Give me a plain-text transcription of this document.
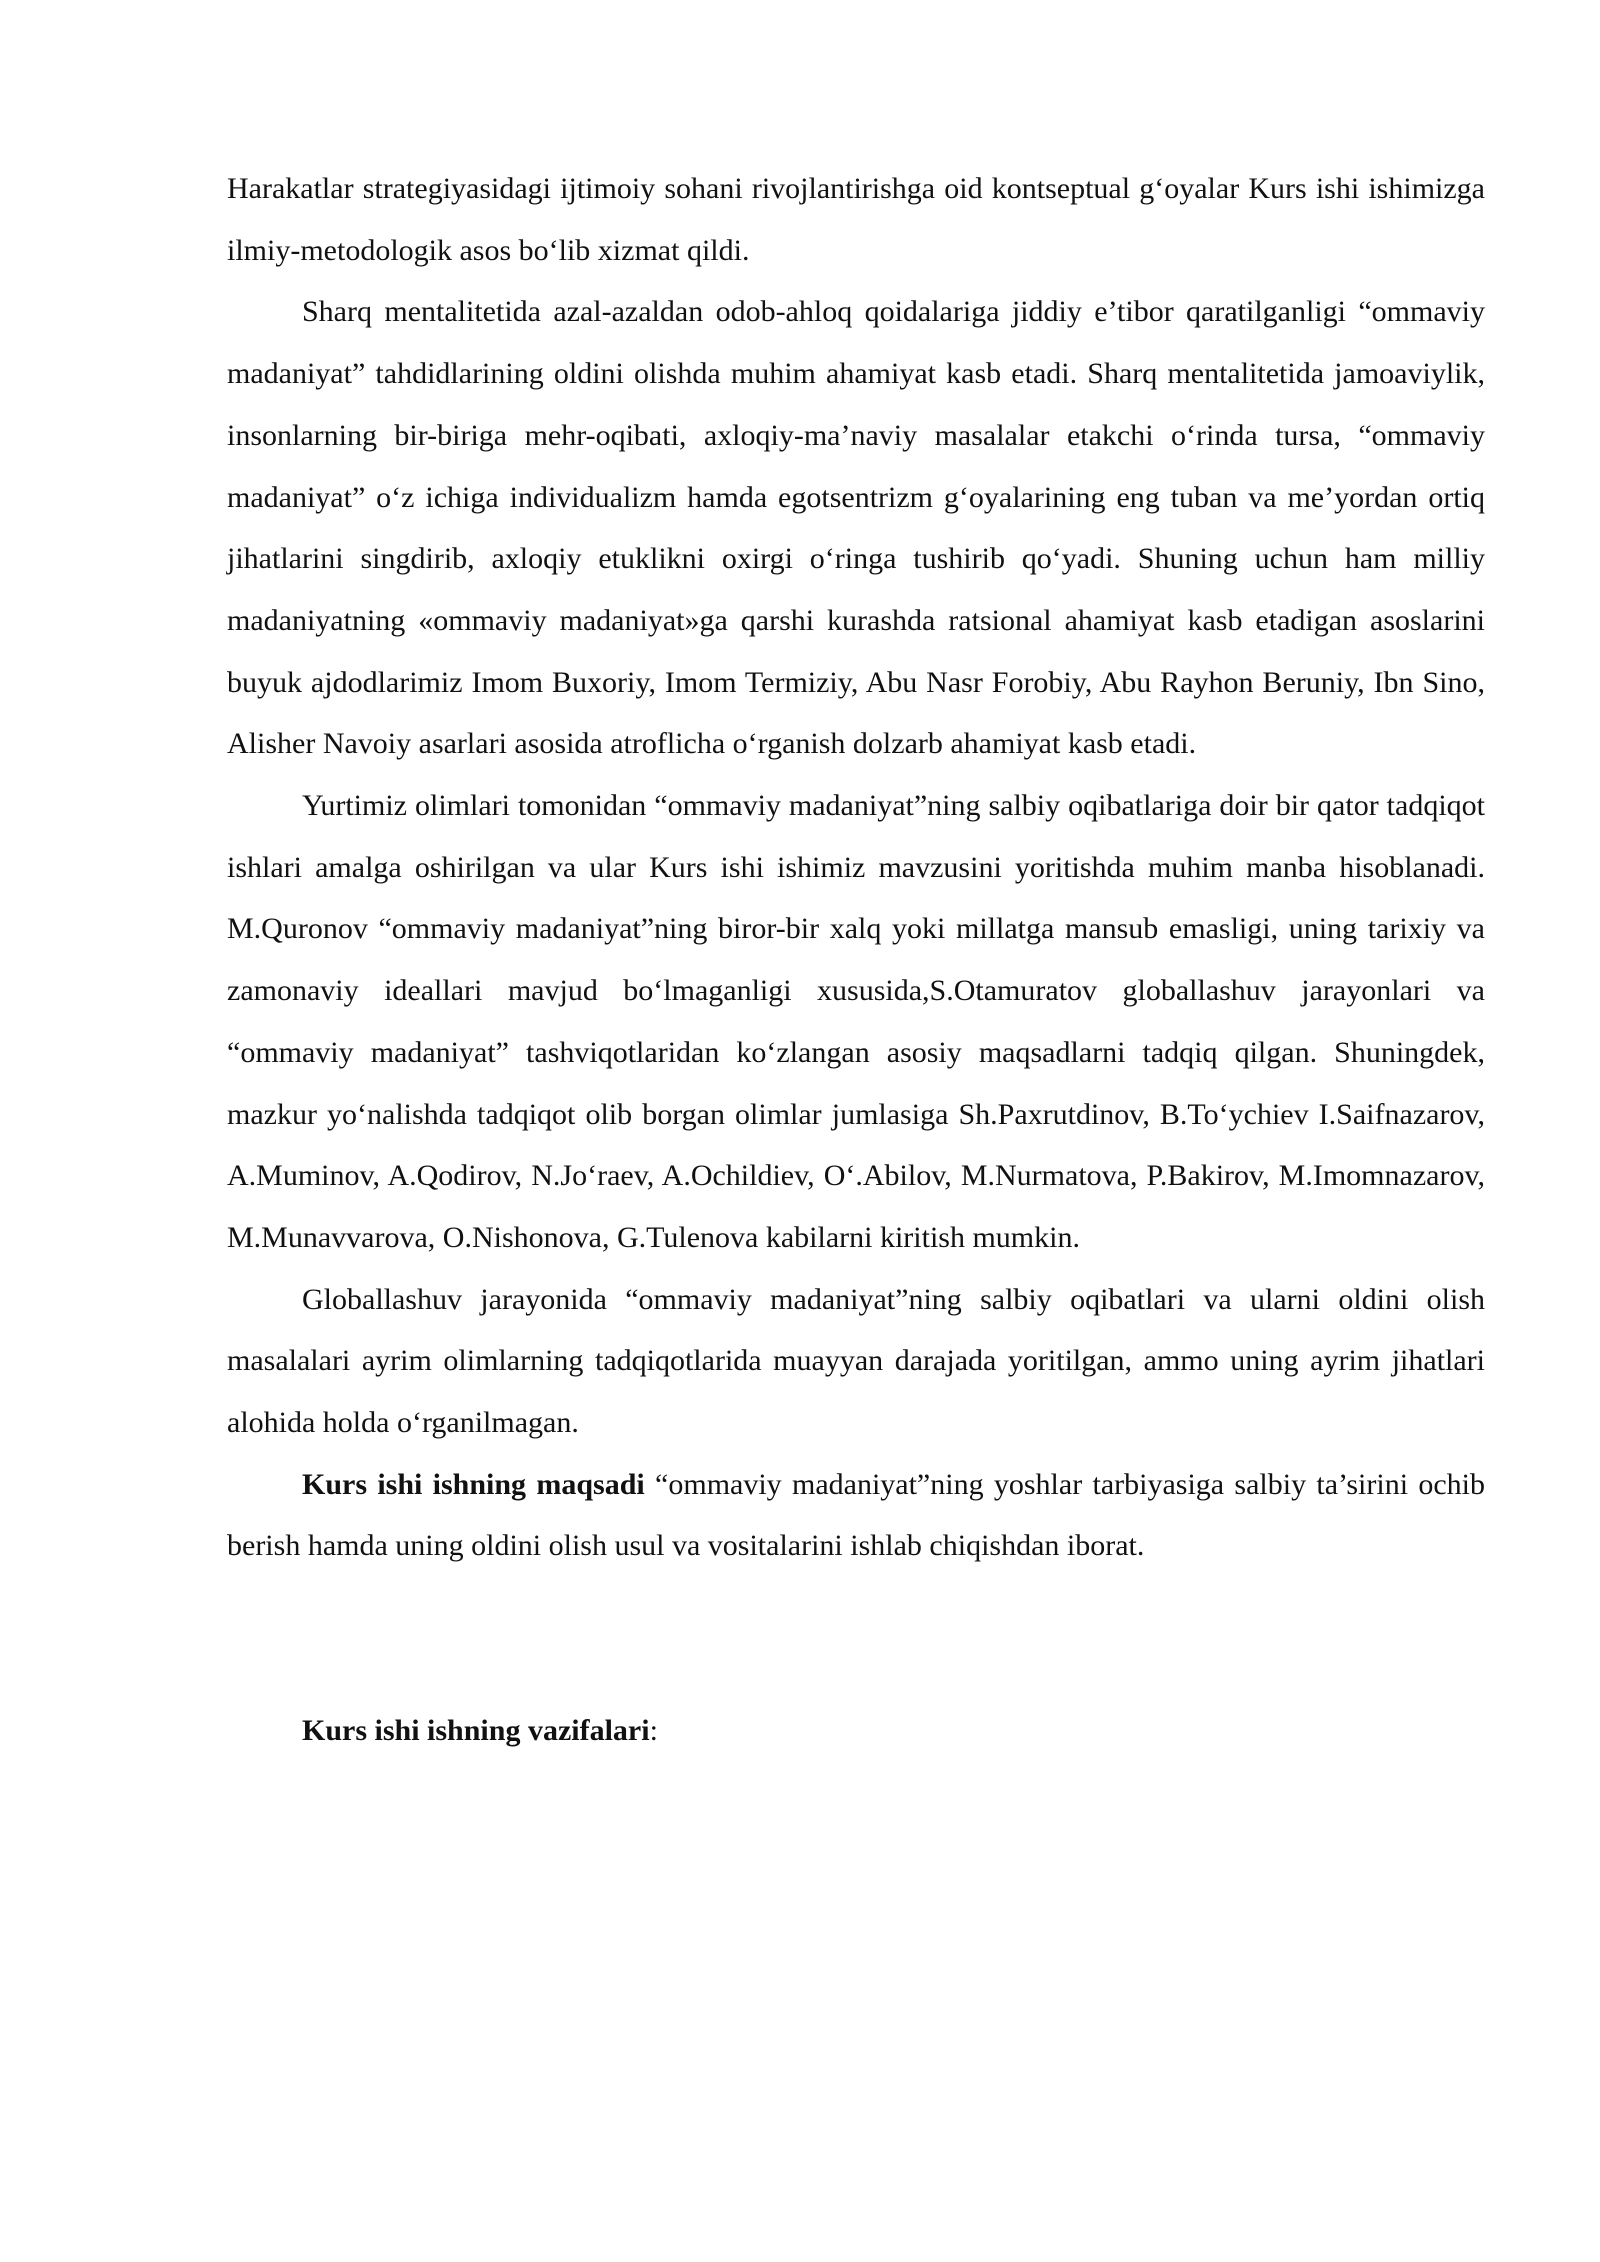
Harakatlar strategiyasidagi ijtimoiy sohani rivojlantirishga oid kontseptual g‘oyalar Kurs ishi ishimizga ilmiy-metodologik asos bo‘lib xizmat qildi.

Sharq mentalitetida azal-azaldan odob-ahloq qoidalariga jiddiy e’tibor qaratilganligi “ommaviy madaniyat” tahdidlarining oldini olishda muhim ahamiyat kasb etadi. Sharq mentalitetida jamoaviylik, insonlarning bir-biriga mehr-oqibati, axloqiy-ma’naviy masalalar etakchi o‘rinda tursa, “ommaviy madaniyat” o‘z ichiga individualizm hamda egotsentrizm g‘oyalarining eng tuban va me’yordan ortiq jihatlarini singdirib, axloqiy etuklikni oxirgi o‘ringa tushirib qo‘yadi. Shuning uchun ham milliy madaniyatning «ommaviy madaniyat»ga qarshi kurashda ratsional ahamiyat kasb etadigan asoslarini buyuk ajdodlarimiz Imom Buxoriy, Imom Termiziy, Abu Nasr Forobiy, Abu Rayhon Beruniy, Ibn Sino, Alisher Navoiy asarlari asosida atroflicha o‘rganish dolzarb ahamiyat kasb etadi.

Yurtimiz olimlari tomonidan “ommaviy madaniyat”ning salbiy oqibatlariga doir bir qator tadqiqot ishlari amalga oshirilgan va ular Kurs ishi ishimiz mavzusini yoritishda muhim manba hisoblanadi. M.Quronov “ommaviy madaniyat”ning biror-bir xalq yoki millatga mansub emasligi, uning tarixiy va zamonaviy ideallari mavjud bo‘lmaganligi xususida,S.Otamuratov globallashuv jarayonlari va “ommaviy madaniyat” tashviqotlaridan ko‘zlangan asosiy maqsadlarni tadqiq qilgan. Shuningdek, mazkur yo‘nalishda tadqiqot olib borgan olimlar jumlasiga Sh.Paxrutdinov, B.To‘ychiev I.Saifnazarov, A.Muminov, A.Qodirov, N.Jo‘raev, A.Ochildiev, O‘.Abilov, M.Nurmatova, P.Bakirov, M.Imomnazarov, M.Munavvarova, O.Nishonova, G.Tulenova kabilarni kiritish mumkin.

Globallashuv jarayonida “ommaviy madaniyat”ning salbiy oqibatlari va ularni oldini olish masalalari ayrim olimlarning tadqiqotlarida muayyan darajada yoritilgan, ammo uning ayrim jihatlari alohida holda o‘rganilmagan.

Kurs ishi ishning maqsadi “ommaviy madaniyat”ning yoshlar tarbiyasiga salbiy ta’sirini ochib berish hamda uning oldini olish usul va vositalarini ishlab chiqishdan iborat.

Kurs ishi ishning vazifalari:
